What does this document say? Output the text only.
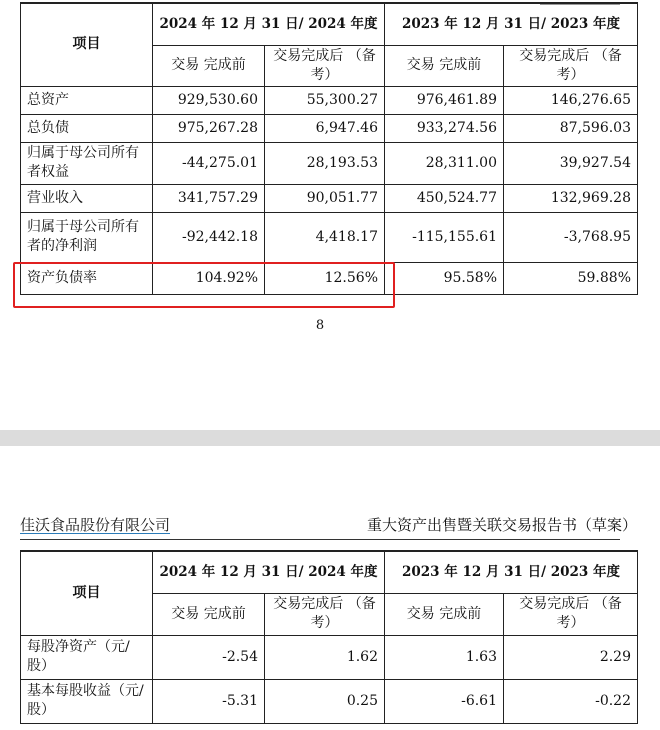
项目	2024 年 12 月 31 日/ 2024 年度		2023 年 12 月 31 日/ 2023 年度	
	交易 完成前	交易完成后 （备考）	交易 完成前	交易完成后 （备考）
总资产	929,530.60	55,300.27	976,461.89	146,276.65
总负债	975,267.28	6,947.46	933,274.56	87,596.03
归属于母公司所有者权益	-44,275.01	28,193.53	28,311.00	39,927.54
营业收入	341,757.29	90,051.77	450,524.77	132,969.28
归属于母公司所有者的净利润	-92,442.18	4,418.17	-115,155.61	-3,768.95
资产负债率	104.92%	12.56%	95.58%	59.88%
8
佳沃食品股份有限公司	重大资产出售暨关联交易报告书（草案）
项目	2024 年 12 月 31 日/ 2024 年度		2023 年 12 月 31 日/ 2023 年度	
	交易 完成前	交易完成后 （备考）	交易 完成前	交易完成后 （备考）
每股净资产（元/股）	-2.54	1.62	1.63	2.29
基本每股收益（元/股）	-5.31	0.25	-6.61	-0.22
